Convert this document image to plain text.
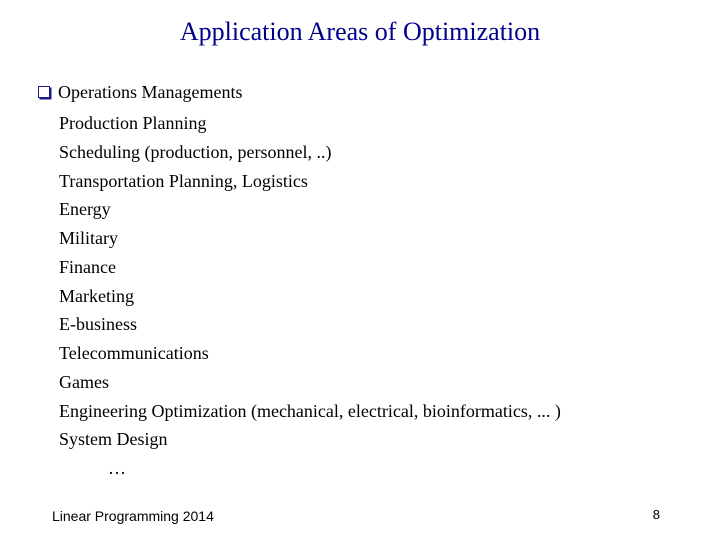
Application Areas of Optimization
Operations Managements
Production Planning
Scheduling (production, personnel, ..)
Transportation Planning, Logistics
Energy
Military
Finance
Marketing
E-business
Telecommunications
Games
Engineering Optimization (mechanical, electrical, bioinformatics, ... )
System Design
…
Linear Programming 2014	8
